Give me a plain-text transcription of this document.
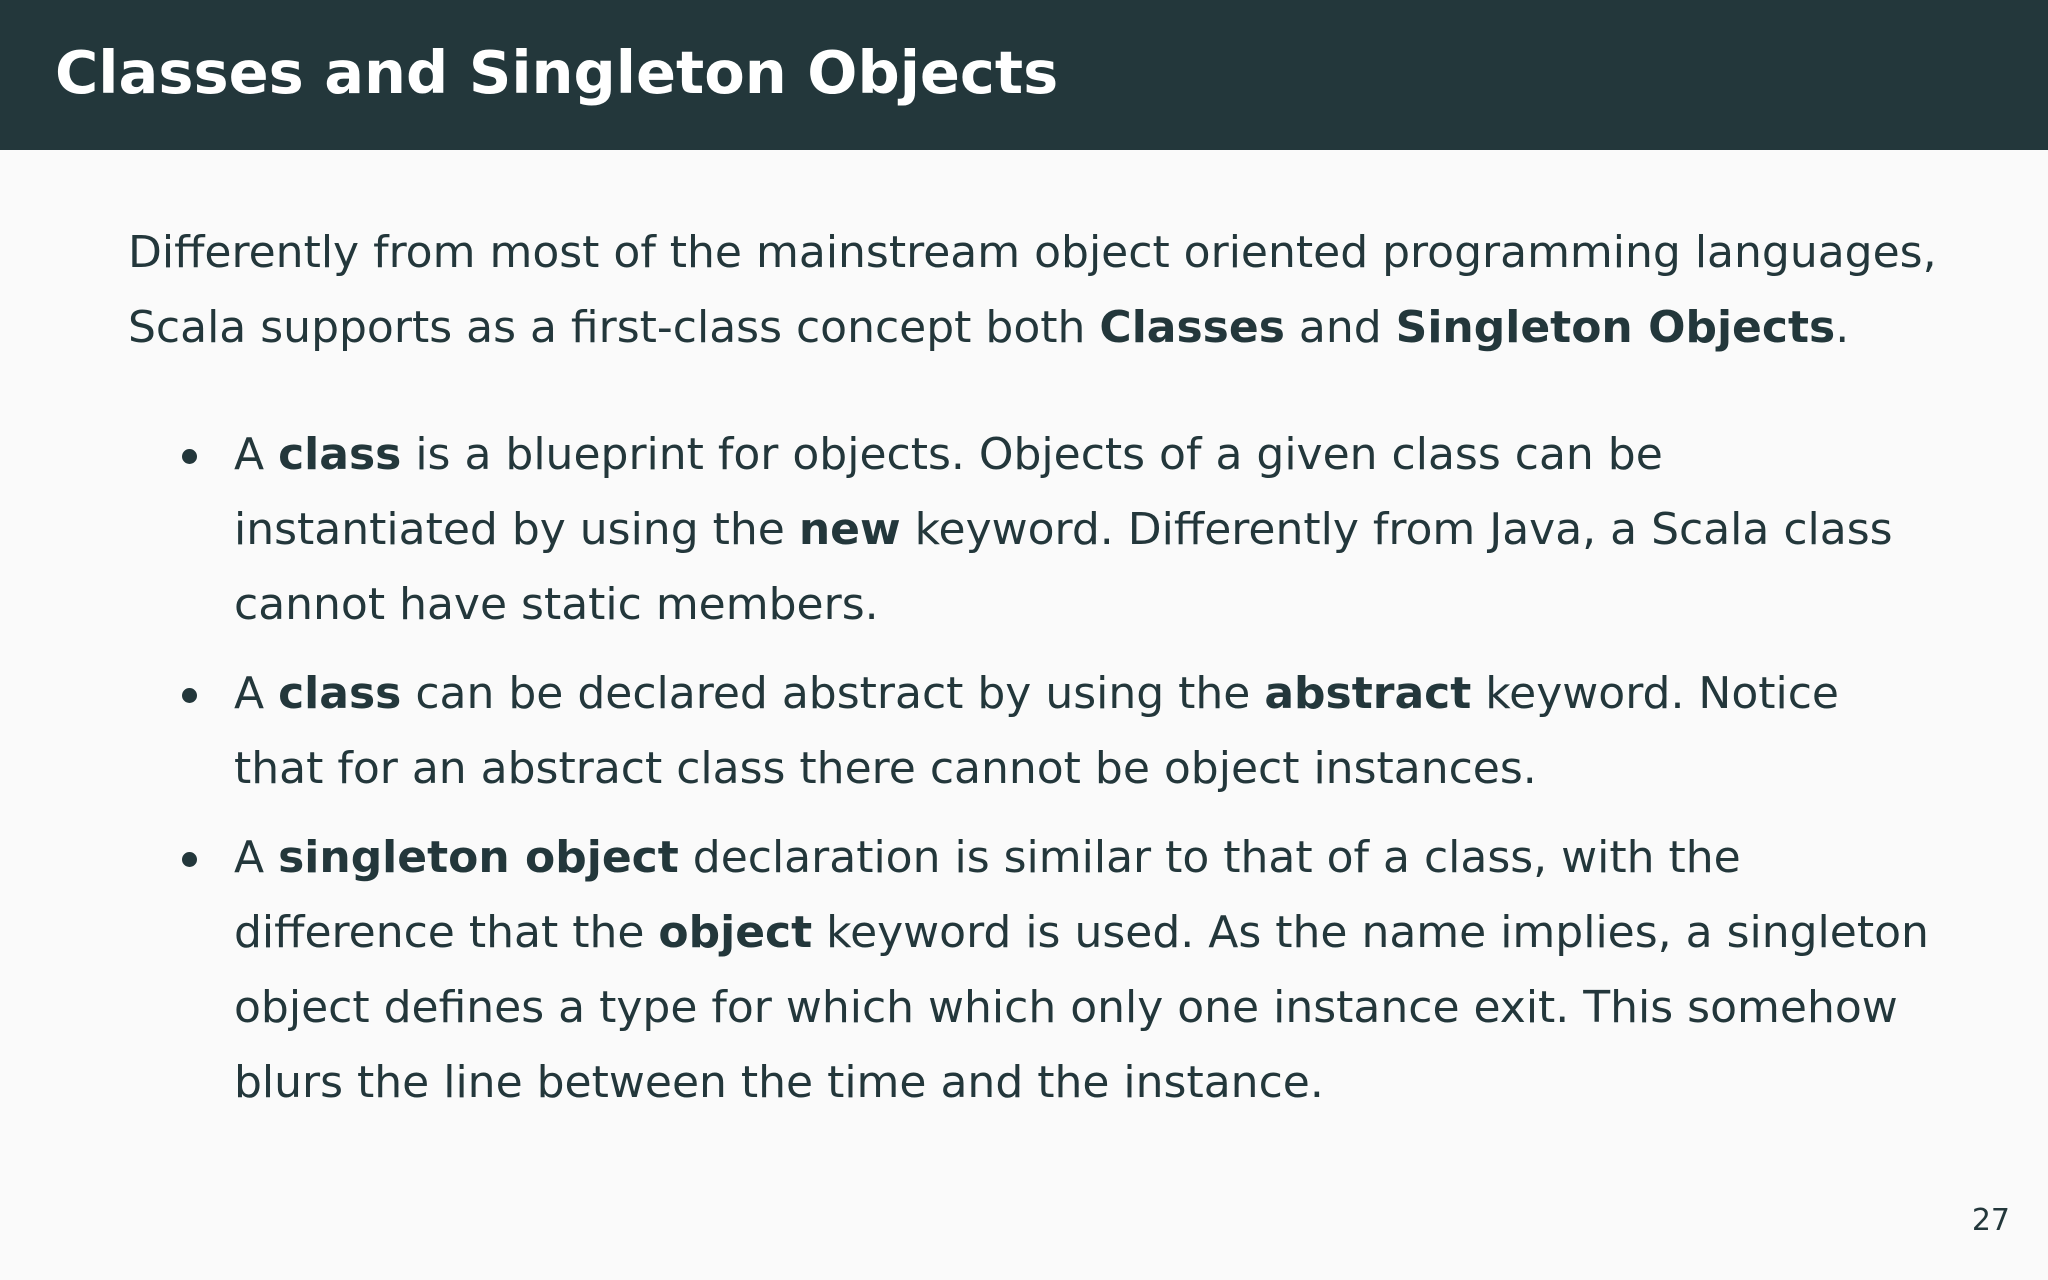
Classes and Singleton Objects

Differently from most of the mainstream object oriented programming languages,
Scala supports as a first-class concept both Classes and Singleton Objects.

A class is a blueprint for objects. Objects of a given class can be
instantiated by using the new keyword. Differently from Java, a Scala class
cannot have static members.
A class can be declared abstract by using the abstract keyword. Notice
that for an abstract class there cannot be object instances.
A singleton object declaration is similar to that of a class, with the
difference that the object keyword is used. As the name implies, a singleton
object defines a type for which which only one instance exit. This somehow
blurs the line between the time and the instance.
27
